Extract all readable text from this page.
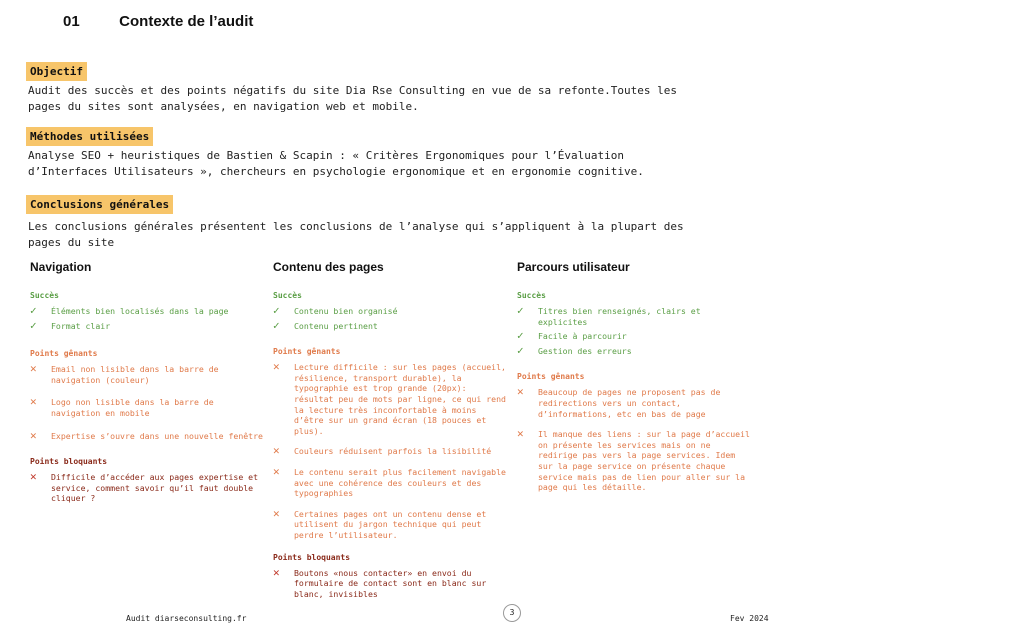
01	Contexte de l’audit
Objectif
Audit des succès et des points négatifs du site Dia Rse Consulting en vue de sa refonte.Toutes les pages du sites sont analysées, en navigation web et mobile.
Méthodes utilisées
Analyse SEO + heuristiques de Bastien & Scapin : « Critères Ergonomiques pour l’Évaluation d’Interfaces Utilisateurs », chercheurs en psychologie ergonomique et en ergonomie cognitive.
Conclusions générales
Les conclusions générales présentent les conclusions de l’analyse qui s’appliquent à la plupart des pages du site
Navigation
Succès
✓ Éléments bien localisés dans la page
✓ Format clair
Points gênants
✕ Email non lisible dans la barre de navigation (couleur)
✕ Logo non lisible dans la barre de navigation en mobile
✕ Expertise s’ouvre dans une nouvelle fenêtre
Points bloquants
✕ Difficile d’accéder aux pages expertise et service, comment savoir qu’il faut double cliquer ?
Contenu des pages
Succès
✓ Contenu bien organisé
✓ Contenu pertinent
Points gênants
✕ Lecture difficile : sur les pages (accueil, résilience, transport durable), la typographie est trop grande (20px): résultat peu de mots par ligne, ce qui rend la lecture très inconfortable à moins d’être sur un grand écran (18 pouces et plus).
✕ Couleurs réduisent parfois la lisibilité
✕ Le contenu serait plus facilement navigable avec une cohérence des couleurs et des typographies
✕ Certaines pages ont un contenu dense et utilisent du jargon technique qui peut perdre l’utilisateur.
Points bloquants
✕ Boutons «nous contacter» en envoi du formulaire de contact sont en blanc sur blanc, invisibles
Parcours utilisateur
Succès
✓ Titres bien renseignés, clairs et explicites
✓ Facile à parcourir
✓ Gestion des erreurs
Points gênants
✕ Beaucoup de pages ne proposent pas de redirections vers un contact, d’informations, etc en bas de page
✕ Il manque des liens : sur la page d’accueil on présente les services mais on ne redirige pas vers la page services. Idem sur la page service on présente chaque service mais pas de lien pour aller sur la page qui les détaille.
Audit diarseconsulting.fr
3
Fev 2024
